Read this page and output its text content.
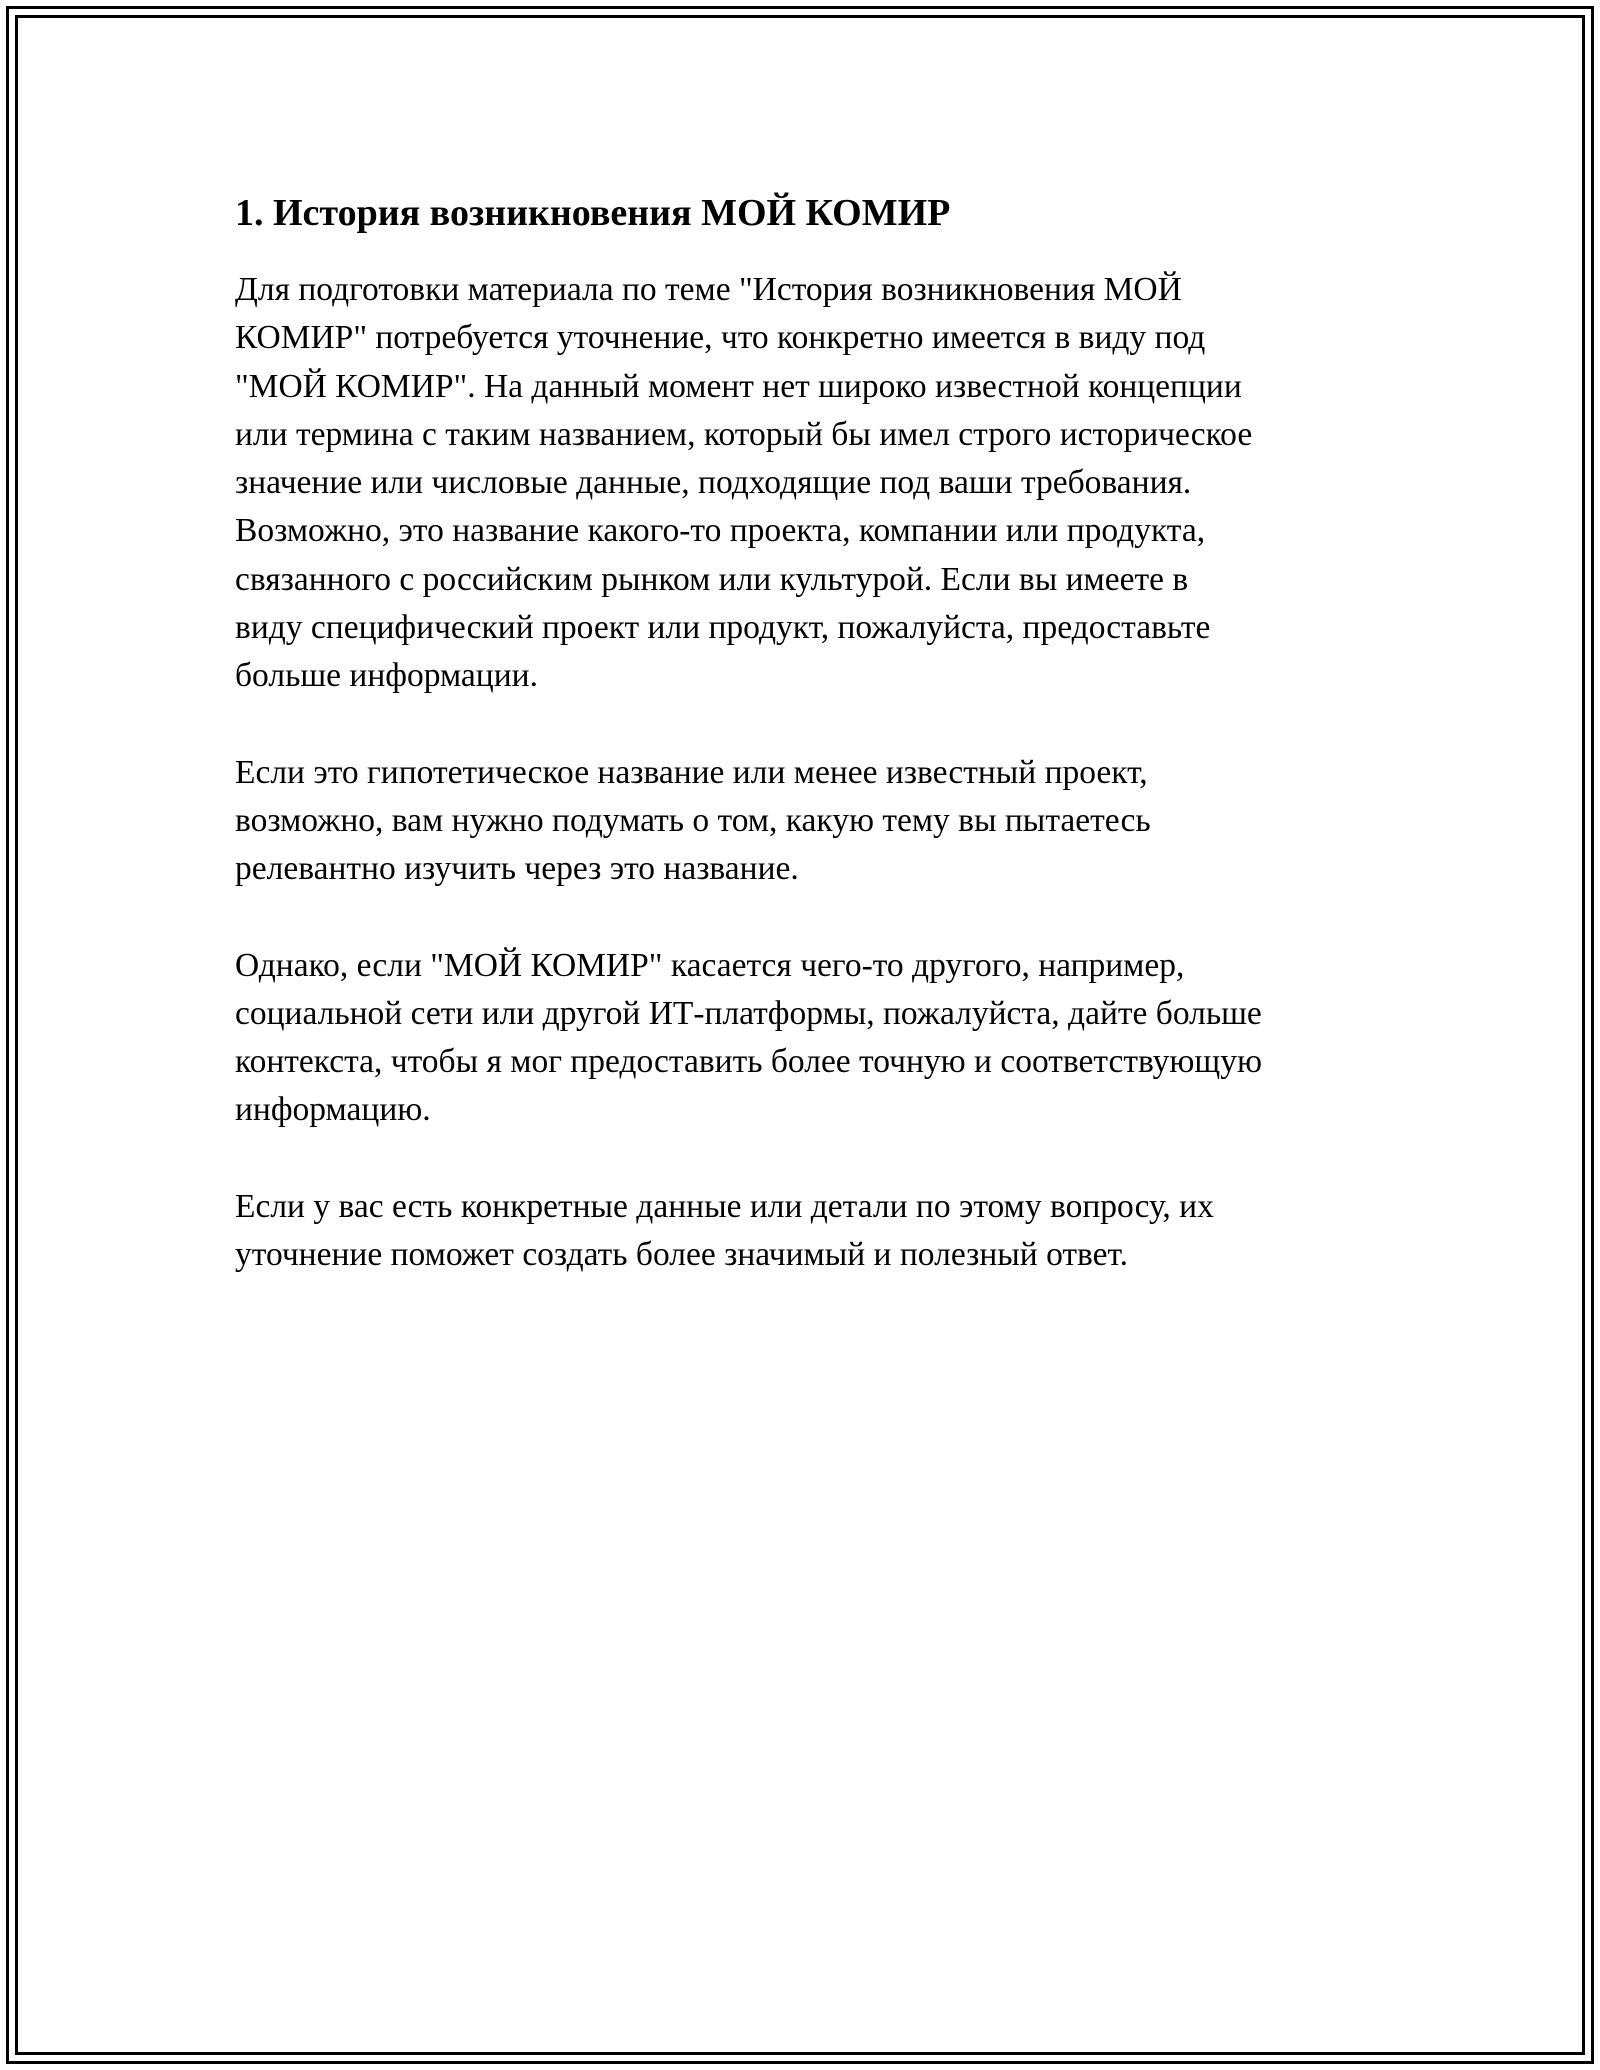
1. История возникновения МОЙ КОМИР

Для подготовки материала по теме "История возникновения МОЙ
КОМИР" потребуется уточнение, что конкретно имеется в виду под
"МОЙ КОМИР". На данный момент нет широко известной концепции
или термина с таким названием, который бы имел строго историческое
значение или числовые данные, подходящие под ваши требования.
Возможно, это название какого-то проекта, компании или продукта,
связанного с российским рынком или культурой. Если вы имеете в
виду специфический проект или продукт, пожалуйста, предоставьте
больше информации.

Если это гипотетическое название или менее известный проект,
возможно, вам нужно подумать о том, какую тему вы пытаетесь
релевантно изучить через это название.

Однако, если "МОЙ КОМИР" касается чего-то другого, например,
социальной сети или другой ИТ-платформы, пожалуйста, дайте больше
контекста, чтобы я мог предоставить более точную и соответствующую
информацию.

Если у вас есть конкретные данные или детали по этому вопросу, их
уточнение поможет создать более значимый и полезный ответ.
